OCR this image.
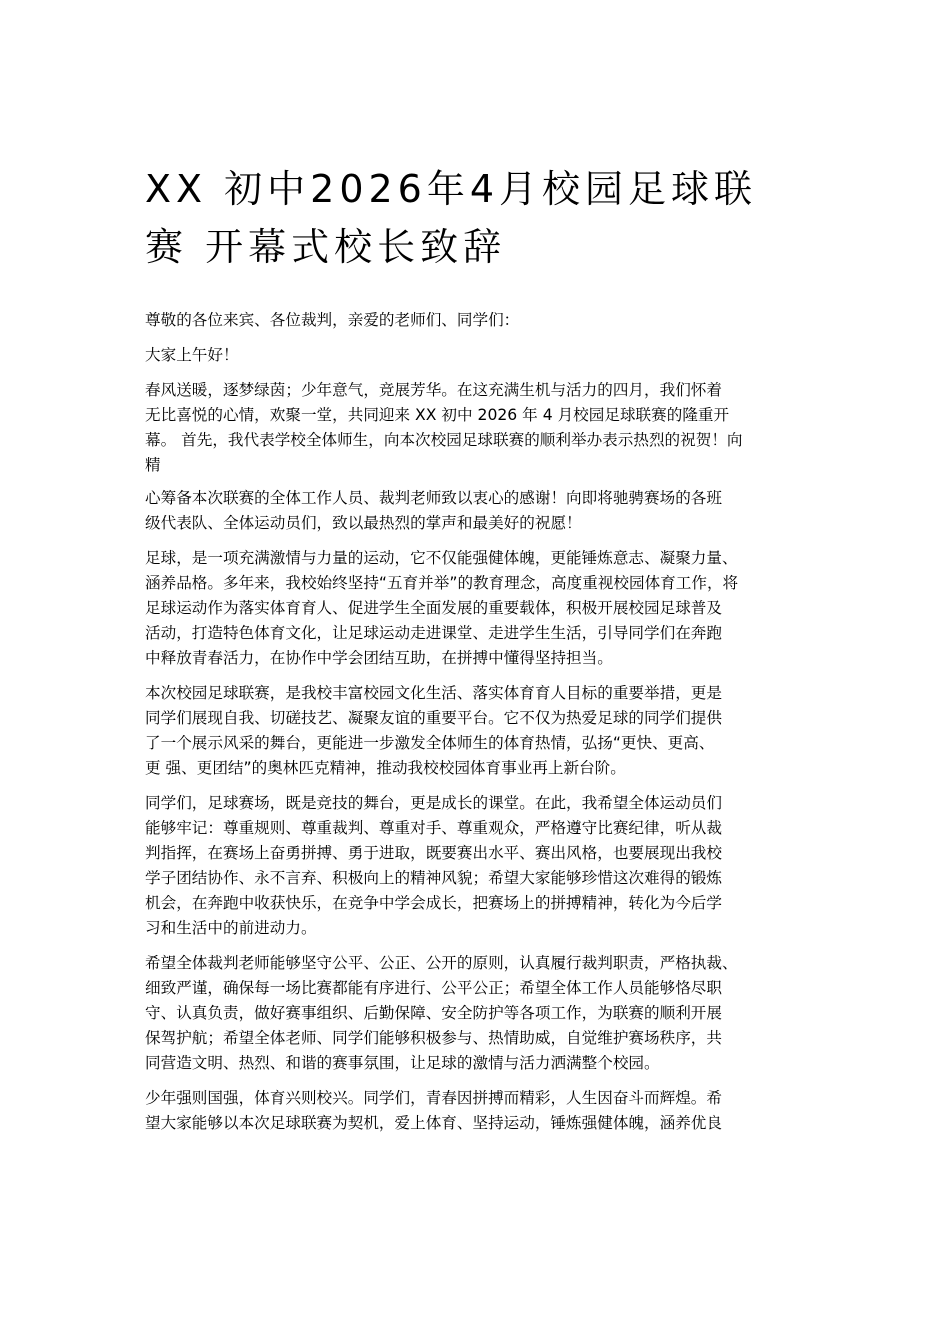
XX 初中2026年4月校园足球联
赛 开幕式校长致辞

尊敬的各位来宾、各位裁判，亲爱的老师们、同学们：

大家上午好！

春风送暖，逐梦绿茵；少年意气，竞展芳华。在这充满生机与活力的四月，我们怀着
无比喜悦的心情，欢聚一堂，共同迎来 XX 初中 2026 年 4 月校园足球联赛的隆重开
幕。 首先，我代表学校全体师生，向本次校园足球联赛的顺利举办表示热烈的祝贺！向
精

心筹备本次联赛的全体工作人员、裁判老师致以衷心的感谢！向即将驰骋赛场的各班
级代表队、全体运动员们，致以最热烈的掌声和最美好的祝愿！

足球，是一项充满激情与力量的运动，它不仅能强健体魄，更能锤炼意志、凝聚力量、
涵养品格。多年来，我校始终坚持“五育并举”的教育理念，高度重视校园体育工作，将
足球运动作为落实体育育人、促进学生全面发展的重要载体，积极开展校园足球普及
活动，打造特色体育文化，让足球运动走进课堂、走进学生生活，引导同学们在奔跑
中释放青春活力，在协作中学会团结互助，在拼搏中懂得坚持担当。

本次校园足球联赛，是我校丰富校园文化生活、落实体育育人目标的重要举措，更是
同学们展现自我、切磋技艺、凝聚友谊的重要平台。它不仅为热爱足球的同学们提供
了一个展示风采的舞台，更能进一步激发全体师生的体育热情，弘扬“更快、更高、
更 强、更团结”的奥林匹克精神，推动我校校园体育事业再上新台阶。

同学们，足球赛场，既是竞技的舞台，更是成长的课堂。在此，我希望全体运动员们
能够牢记：尊重规则、尊重裁判、尊重对手、尊重观众，严格遵守比赛纪律，听从裁
判指挥，在赛场上奋勇拼搏、勇于进取，既要赛出水平、赛出风格，也要展现出我校
学子团结协作、永不言弃、积极向上的精神风貌；希望大家能够珍惜这次难得的锻炼
机会，在奔跑中收获快乐，在竞争中学会成长，把赛场上的拼搏精神，转化为今后学
习和生活中的前进动力。

希望全体裁判老师能够坚守公平、公正、公开的原则，认真履行裁判职责，严格执裁、
细致严谨，确保每一场比赛都能有序进行、公平公正；希望全体工作人员能够恪尽职
守、认真负责，做好赛事组织、后勤保障、安全防护等各项工作，为联赛的顺利开展
保驾护航；希望全体老师、同学们能够积极参与、热情助威，自觉维护赛场秩序，共
同营造文明、热烈、和谐的赛事氛围，让足球的激情与活力洒满整个校园。

少年强则国强，体育兴则校兴。同学们，青春因拼搏而精彩，人生因奋斗而辉煌。希
望大家能够以本次足球联赛为契机，爱上体育、坚持运动，锤炼强健体魄，涵养优良
